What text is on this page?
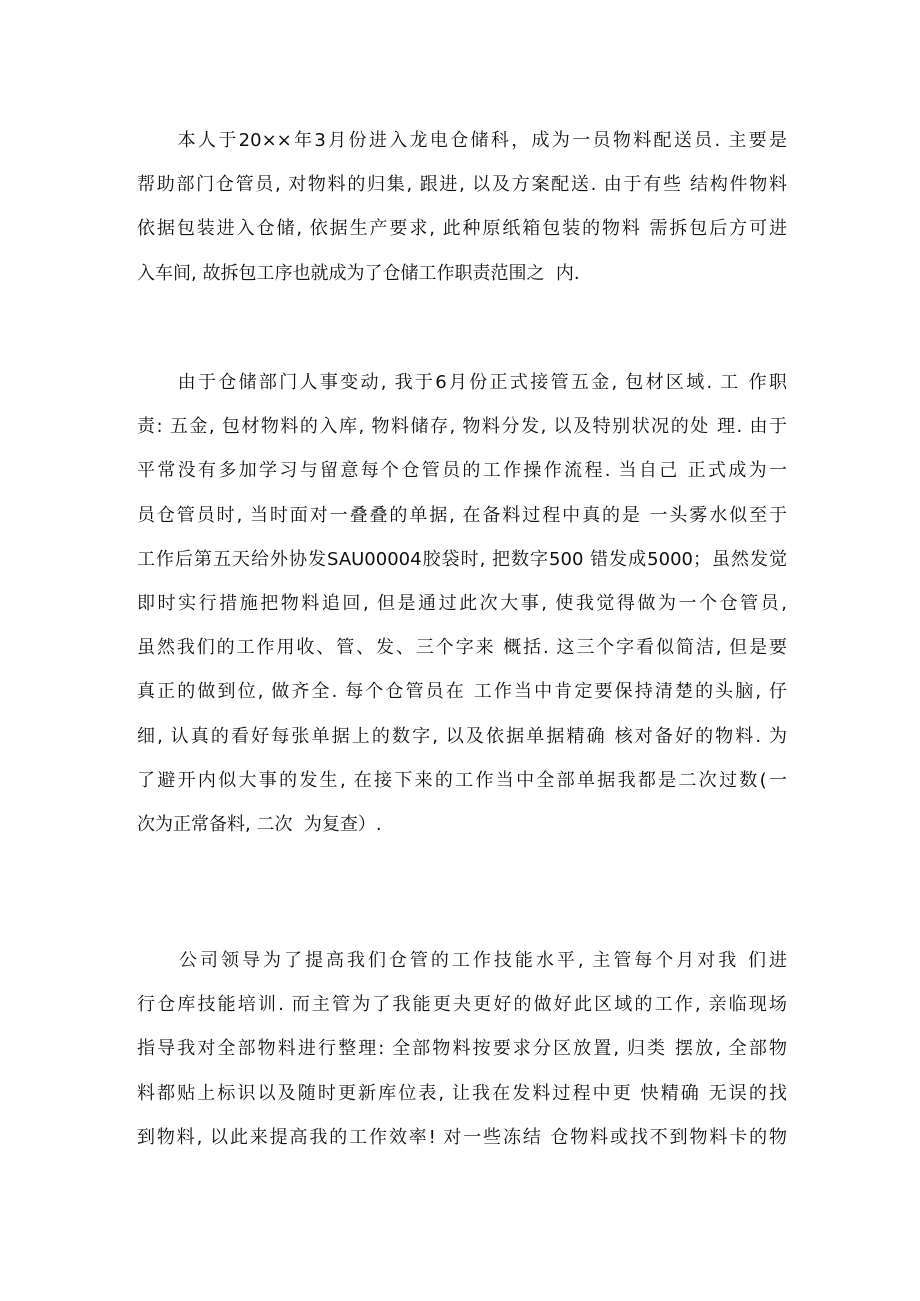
　　本人于20××年3月份进入龙电仓储科，成为一员物料配送员. 主要是
帮助部门仓管员, 对物料的归集, 跟进, 以及方案配送. 由于有些 结构件物料
依据包装进入仓储, 依据生产要求, 此种原纸箱包装的物料 需拆包后方可进
入车间, 故拆包工序也就成为了仓储工作职责范围之  内.
　　由于仓储部门人事变动, 我于6月份正式接管五金, 包材区域. 工 作职
责: 五金, 包材物料的入库, 物料储存, 物料分发, 以及特别状况的处 理. 由于
平常没有多加学习与留意每个仓管员的工作操作流程. 当自己 正式成为一
员仓管员时, 当时面对一叠叠的单据, 在备料过程中真的是 一头雾水似至于
工作后第五天给外协发SAU00004胶袋时, 把数字500 错发成5000；虽然发觉
即时实行措施把物料追回, 但是通过此次大事, 使我觉得做为一个仓管员,
虽然我们的工作用收、管、发、三个字来 概括. 这三个字看似简洁, 但是要
真正的做到位, 做齐全. 每个仓管员在 工作当中肯定要保持清楚的头脑, 仔
细, 认真的看好每张单据上的数字, 以及依据单据精确 核对备好的物料. 为
了避开内似大事的发生, 在接下来的工作当中全部单据我都是二次过数(一
次为正常备料, 二次  为复查）.
　　公司领导为了提高我们仓管的工作技能水平, 主管每个月对我 们进
行仓库技能培训. 而主管为了我能更夬更好的做好此区域的工作, 亲临现场
指导我对全部物料进行整理: 全部物料按要求分区放置, 归类 摆放, 全部物
料都贴上标识以及随时更新库位表, 让我在发料过程中更 快精确 无误的找
到物料, 以此来提高我的工作效率! 对一些冻结 仓物料或找不到物料卡的物
